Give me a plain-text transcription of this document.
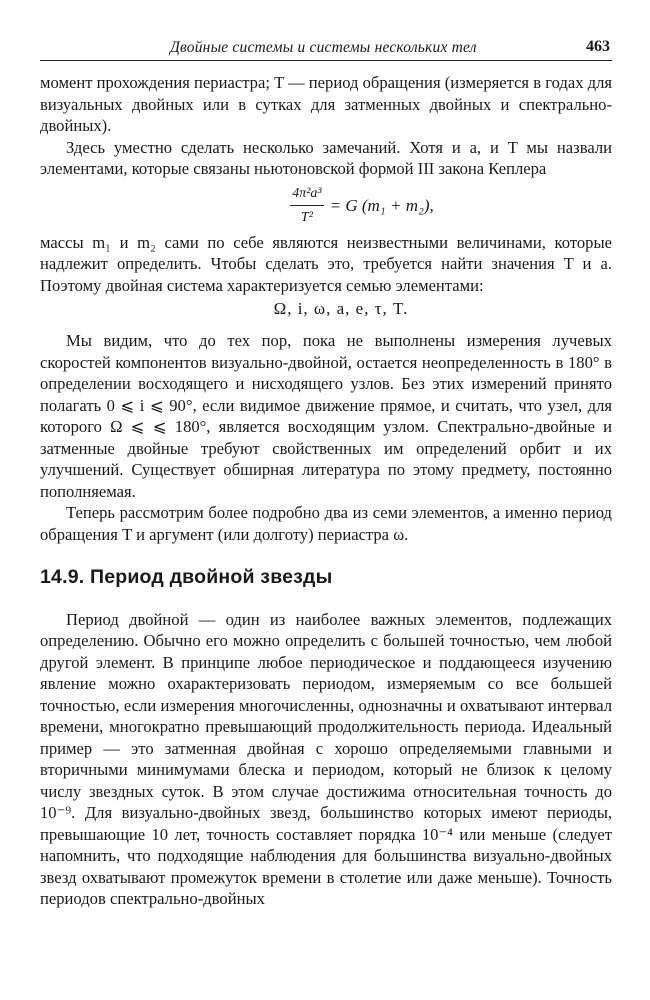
Двойные системы и системы нескольких тел	463

момент прохождения периастра; T — период обращения (измеряется в годах для визуальных двойных или в сутках для затменных двойных и спектрально-двойных).

Здесь уместно сделать несколько замечаний. Хотя и a, и T мы назвали элементами, которые связаны ньютоновской формой III закона Кеплера

$\frac{\text{4π²a³}}{\text{T²}} = G$ (m₁ + m₂),

массы m₁ и m₂ сами по себе являются неизвестными величинами, которые надлежит определить. Чтобы сделать это, требуется найти значения T и a. Поэтому двойная система характеризуется семью элементами:

Ω, i, ω, a, e, τ, T.

Мы видим, что до тех пор, пока не выполнены измерения лучевых скоростей компонентов визуально-двойной, остается неопределенность в 180° в определении восходящего и нисходящего узлов. Без этих измерений принято полагать 0 ⩽ i ⩽ 90°, если видимое движение прямое, и считать, что узел, для которого Ω ⩽ ⩽ 180°, является восходящим узлом. Спектрально-двойные и затменные двойные требуют свойственных им определений орбит и их улучшений. Существует обширная литература по этому предмету, постоянно пополняемая.

Теперь рассмотрим более подробно два из семи элементов, а именно период обращения T и аргумент (или долготу) периастра ω.

14.9. Период двойной звезды

Период двойной — один из наиболее важных элементов, подлежащих определению. Обычно его можно определить с большей точностью, чем любой другой элемент. В принципе любое периодическое и поддающееся изучению явление можно охарактеризовать периодом, измеряемым со все большей точностью, если измерения многочисленны, однозначны и охватывают интервал времени, многократно превышающий продолжительность периода. Идеальный пример — это затменная двойная с хорошо определяемыми главными и вторичными минимумами блеска и периодом, который не близок к целому числу звездных суток. В этом случае достижима относительная точность до 10⁻⁹. Для визуально-двойных звезд, большинство которых имеют периоды, превышающие 10 лет, точность составляет порядка 10⁻⁴ или меньше (следует напомнить, что подходящие наблюдения для большинства визуально-двойных звезд охватывают промежуток времени в столетие или даже меньше). Точность периодов спектрально-двойных
